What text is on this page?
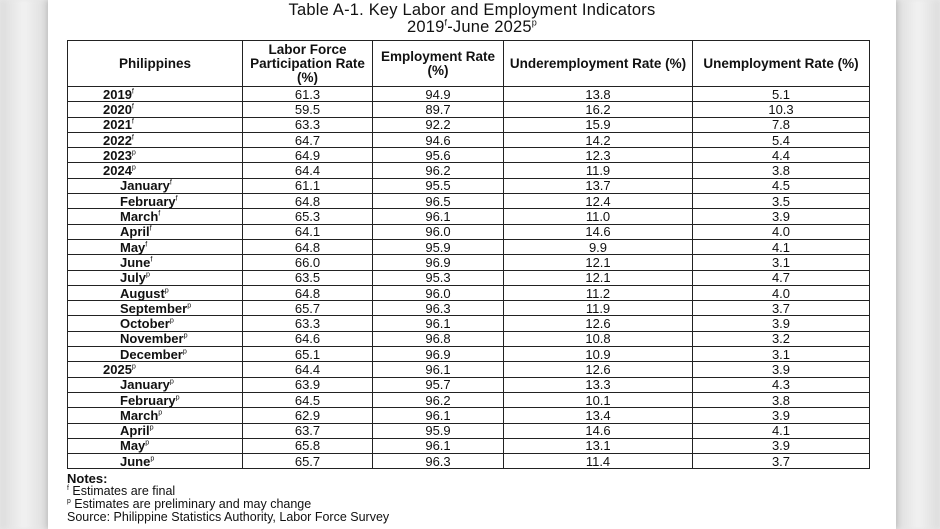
Table A-1. Key Labor and Employment Indicators
2019$^f$-June 2025$^p$
Philippines	Labor Force Participation Rate (%)	Employment Rate (%)	Underemployment Rate (%)	Unemployment Rate (%)
2019$^f$	61.3	94.9	13.8	5.1
2020$^f$	59.5	89.7	16.2	10.3
2021$^f$	63.3	92.2	15.9	7.8
2022$^f$	64.7	94.6	14.2	5.4
2023$^p$	64.9	95.6	12.3	4.4
2024$^p$	64.4	96.2	11.9	3.8
January$^f$	61.1	95.5	13.7	4.5
February$^f$	64.8	96.5	12.4	3.5
March$^f$	65.3	96.1	11.0	3.9
April$^f$	64.1	96.0	14.6	4.0
May$^f$	64.8	95.9	9.9	4.1
June$^f$	66.0	96.9	12.1	3.1
July$^p$	63.5	95.3	12.1	4.7
August$^p$	64.8	96.0	11.2	4.0
September$^p$	65.7	96.3	11.9	3.7
October$^p$	63.3	96.1	12.6	3.9
November$^p$	64.6	96.8	10.8	3.2
December$^p$	65.1	96.9	10.9	3.1
2025$^p$	64.4	96.1	12.6	3.9
January$^p$	63.9	95.7	13.3	4.3
February$^p$	64.5	96.2	10.1	3.8
March$^p$	62.9	96.1	13.4	3.9
April$^p$	63.7	95.9	14.6	4.1
May$^p$	65.8	96.1	13.1	3.9
June$^p$	65.7	96.3	11.4	3.7
Notes:
$^f$ Estimates are final
$^p$ Estimates are preliminary and may change
Source: Philippine Statistics Authority, Labor Force Survey
